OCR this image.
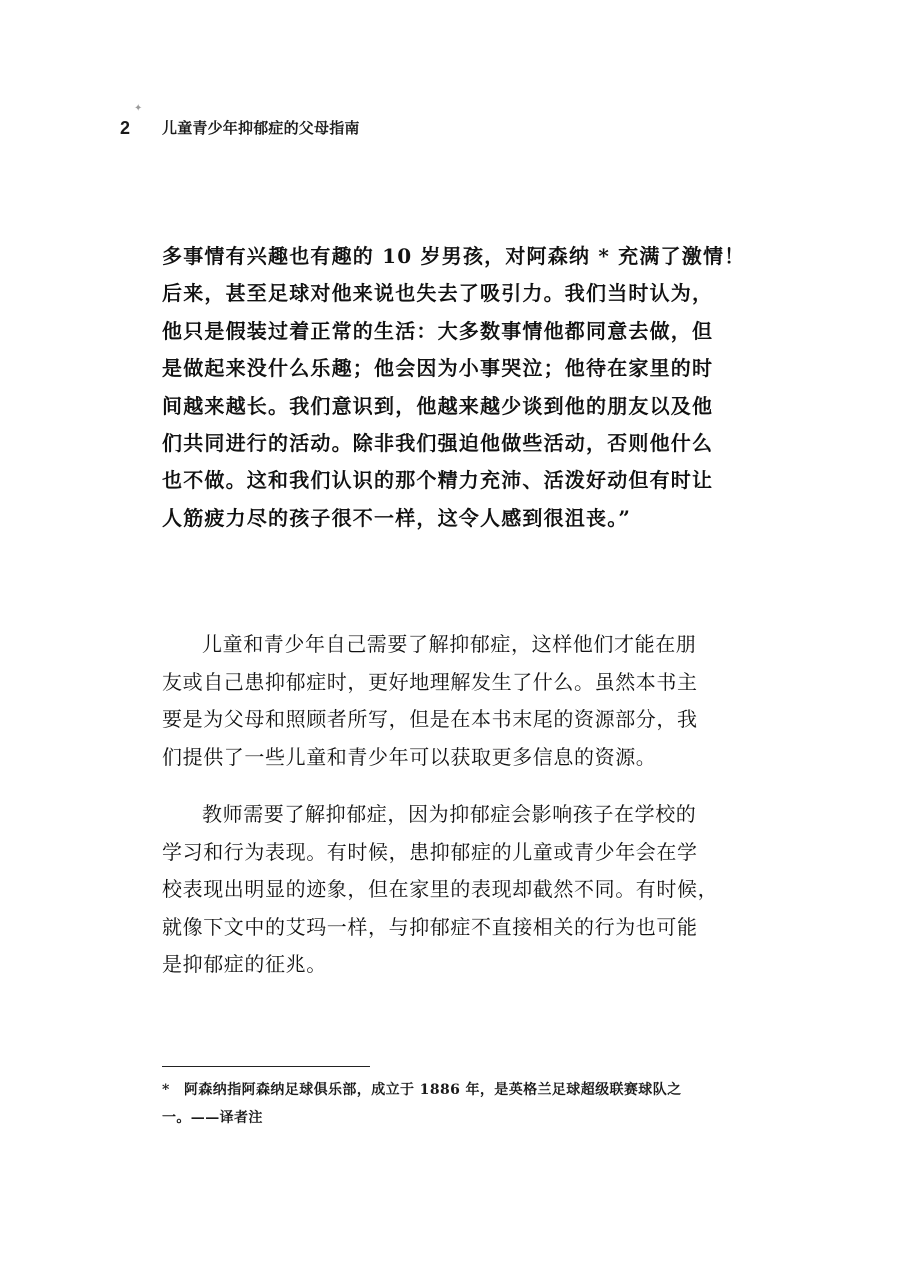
2
✦
儿童青少年抑郁症的父母指南
多事情有兴趣也有趣的 10 岁男孩，对阿森纳 * 充满了激情！
后来，甚至足球对他来说也失去了吸引力。我们当时认为，
他只是假装过着正常的生活：大多数事情他都同意去做，但
是做起来没什么乐趣；他会因为小事哭泣；他待在家里的时
间越来越长。我们意识到，他越来越少谈到他的朋友以及他
们共同进行的活动。除非我们强迫他做些活动，否则他什么
也不做。这和我们认识的那个精力充沛、活泼好动但有时让
人筋疲力尽的孩子很不一样，这令人感到很沮丧。”
儿童和青少年自己需要了解抑郁症，这样他们才能在朋
友或自己患抑郁症时，更好地理解发生了什么。虽然本书主
要是为父母和照顾者所写，但是在本书末尾的资源部分，我
们提供了一些儿童和青少年可以获取更多信息的资源。
教师需要了解抑郁症，因为抑郁症会影响孩子在学校的
学习和行为表现。有时候，患抑郁症的儿童或青少年会在学
校表现出明显的迹象，但在家里的表现却截然不同。有时候，
就像下文中的艾玛一样，与抑郁症不直接相关的行为也可能
是抑郁症的征兆。
* 阿森纳指阿森纳足球俱乐部，成立于 1886 年，是英格兰足球超级联赛球队之
一。——译者注
